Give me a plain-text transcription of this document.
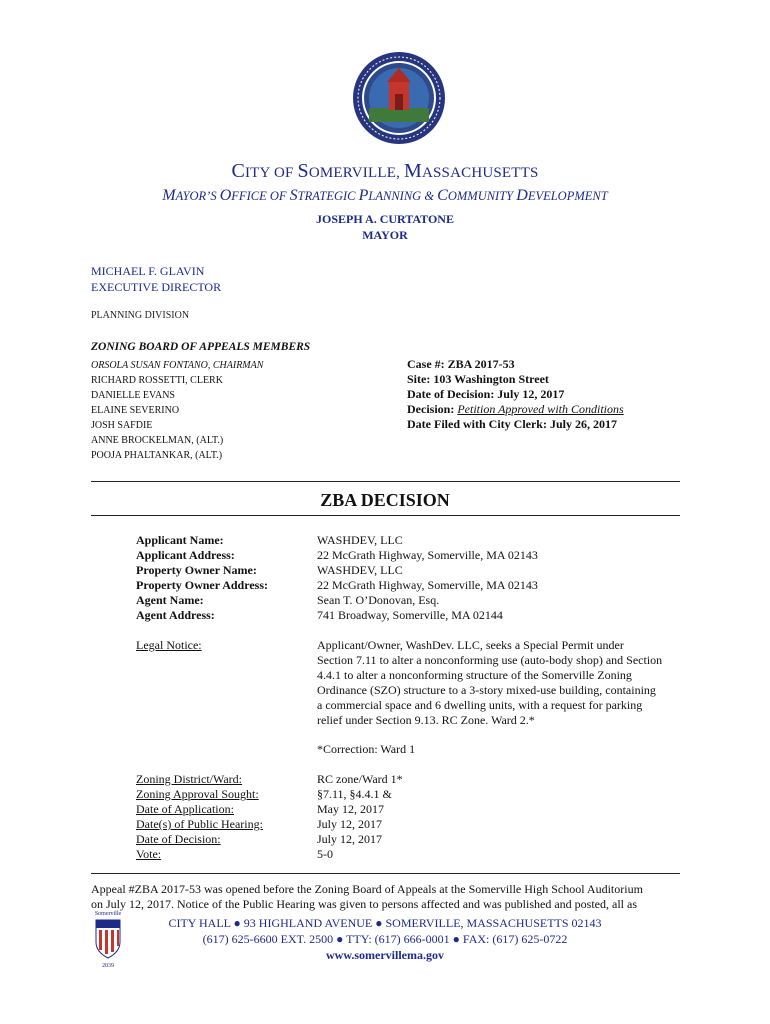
CITY OF SOMERVILLE, MASSACHUSETTS
MAYOR’S OFFICE OF STRATEGIC PLANNING & COMMUNITY DEVELOPMENT
JOSEPH A. CURTATONE
MAYOR
MICHAEL F. GLAVIN
EXECUTIVE DIRECTOR
PLANNING DIVISION
ZONING BOARD OF APPEALS MEMBERS
ORSOLA SUSAN FONTANO, CHAIRMAN
RICHARD ROSSETTI, CLERK
DANIELLE EVANS
ELAINE SEVERINO
JOSH SAFDIE
ANNE BROCKELMAN, (ALT.)
POOJA PHALTANKAR, (ALT.)
Case #: ZBA 2017-53
Site: 103 Washington Street
Date of Decision: July 12, 2017
Decision: Petition Approved with Conditions
Date Filed with City Clerk: July 26, 2017
ZBA DECISION
Applicant Name:
Applicant Address:
Property Owner Name:
Property Owner Address:
Agent Name:
Agent Address:
WASHDEV, LLC
22 McGrath Highway, Somerville, MA 02143
WASHDEV, LLC
22 McGrath Highway, Somerville, MA 02143
Sean T. O’Donovan, Esq.
741 Broadway, Somerville, MA 02144
Legal Notice:	Applicant/Owner, WashDev. LLC, seeks a Special Permit under
Section 7.11 to alter a nonconforming use (auto-body shop) and Section
4.4.1 to alter a nonconforming structure of the Somerville Zoning
Ordinance (SZO) structure to a 3-story mixed-use building, containing
a commercial space and 6 dwelling units, with a request for parking
relief under Section 9.13. RC Zone. Ward 2.*
*Correction: Ward 1
Zoning District/Ward:
Zoning Approval Sought:
Date of Application:
Date(s) of Public Hearing:
Date of Decision:
Vote:
RC zone/Ward 1*
§7.11, §4.4.1 &
May 12, 2017
July 12, 2017
July 12, 2017
5-0
Appeal #ZBA 2017-53 was opened before the Zoning Board of Appeals at the Somerville High School Auditorium
on July 12, 2017. Notice of the Public Hearing was given to persons affected and was published and posted, all as
Somerville
2039
CITY HALL ● 93 HIGHLAND AVENUE ● SOMERVILLE, MASSACHUSETTS 02143
(617) 625-6600 EXT. 2500 ● TTY: (617) 666-0001 ● FAX: (617) 625-0722
www.somervillema.gov
